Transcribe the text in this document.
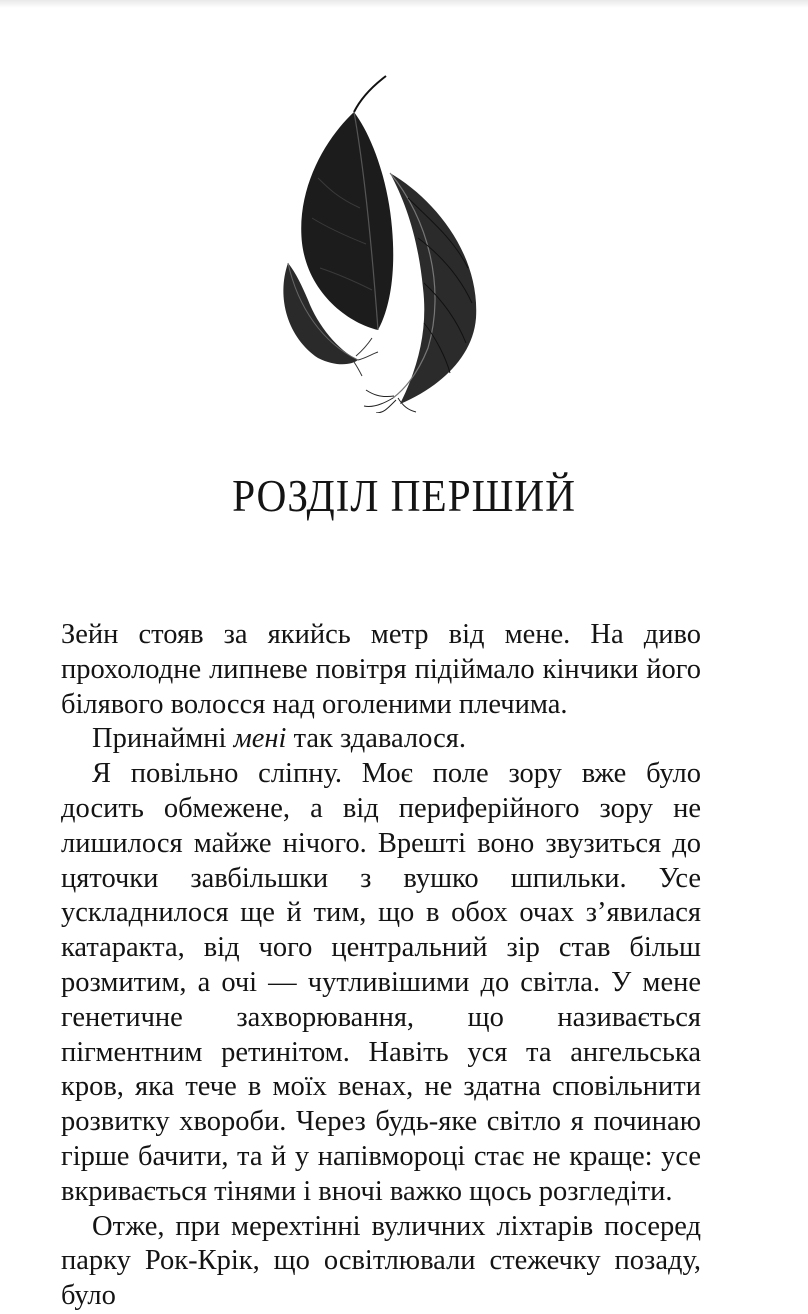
РОЗДІЛ ПЕРШИЙ

Зейн стояв за якийсь метр від мене. На диво прохолодне липневе повітря підіймало кінчики його білявого волосся над оголеними плечима.

Принаймні мені так здавалося.

Я повільно сліпну. Моє поле зору вже було досить обмежене, а від периферійного зору не лишилося майже нічого. Врешті воно звузиться до цяточки завбільшки з вушко шпильки. Усе ускладнилося ще й тим, що в обох очах з’явилася катаракта, від чого центральний зір став більш розмитим, а очі — чутливішими до світла. У мене генетичне захворювання, що називається пігментним ретинітом. Навіть уся та ангельська кров, яка тече в моїх венах, не здатна сповільнити розвитку хвороби. Через будь-яке світло я починаю гірше бачити, та й у напівмороці стає не краще: усе вкривається тінями і вночі важко щось розгледіти.

Отже, при мерехтінні вуличних ліхтарів посеред парку Рок-Крік, що освітлювали стежечку позаду, було
